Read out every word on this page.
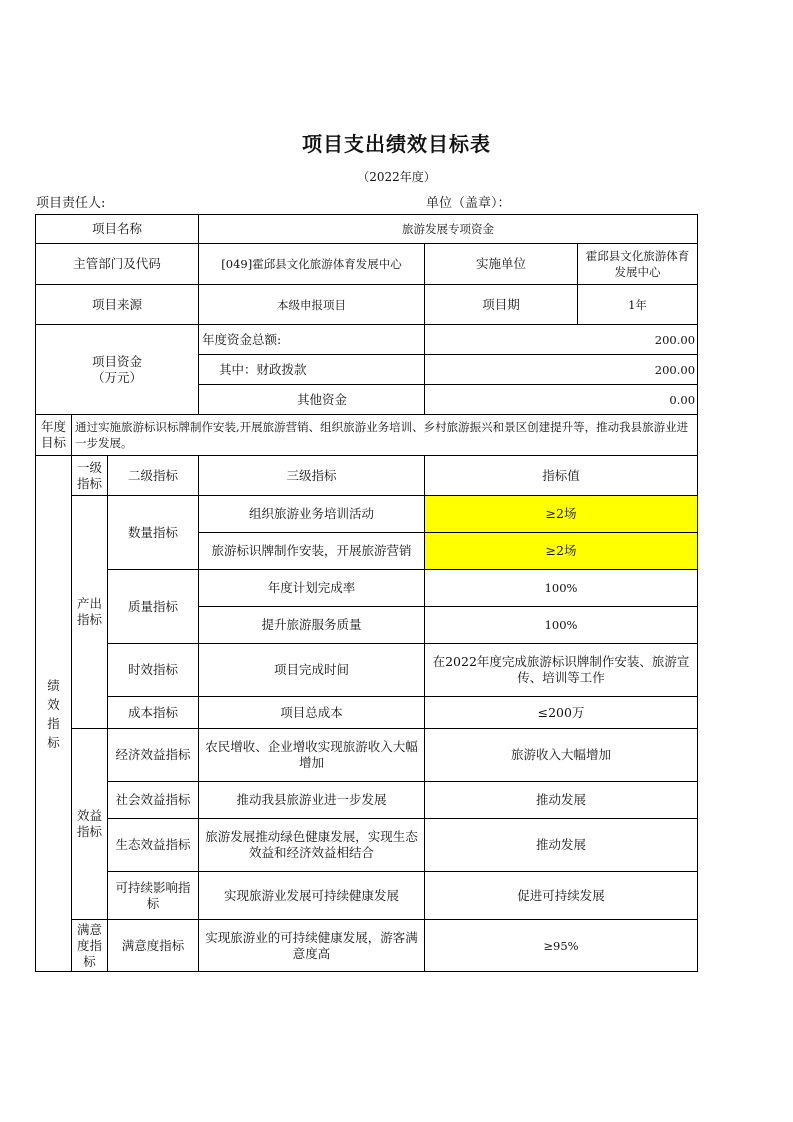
项目支出绩效目标表
（2022年度）
项目责任人:	单位（盖章）：
项目名称			旅游发展专项资金		
主管部门及代码			[049]霍邱县文化旅游体育发展中心	实施单位	霍邱县文化旅游体育发展中心
项目来源			本级申报项目	项目期	1年
项目资金
（万元）			年度资金总额:	200.00	
			其中：财政拨款	200.00	
			其他资金	0.00	
年度目标	通过实施旅游标识标牌制作安装,开展旅游营销、组织旅游业务培训、乡村旅游振兴和景区创建提升等，推动我县旅游业进一步发展。				
绩效指标	一级指标	二级指标	三级指标	指标值	
	产出指标	数量指标	组织旅游业务培训活动	≥2场	
			旅游标识牌制作安装，开展旅游营销	≥2场	
		质量指标	年度计划完成率	100%	
			提升旅游服务质量	100%	
		时效指标	项目完成时间	在2022年度完成旅游标识牌制作安装、旅游宣传、培训等工作	
		成本指标	项目总成本	≤200万	
	效益指标	经济效益指标	农民增收、企业增收实现旅游收入大幅增加	旅游收入大幅增加	
		社会效益指标	推动我县旅游业进一步发展	推动发展	
		生态效益指标	旅游发展推动绿色健康发展，实现生态效益和经济效益相结合	推动发展	
		可持续影响指标	实现旅游业发展可持续健康发展	促进可持续发展	
	满意度指标	满意度指标	实现旅游业的可持续健康发展，游客满意度高	≥95%	
